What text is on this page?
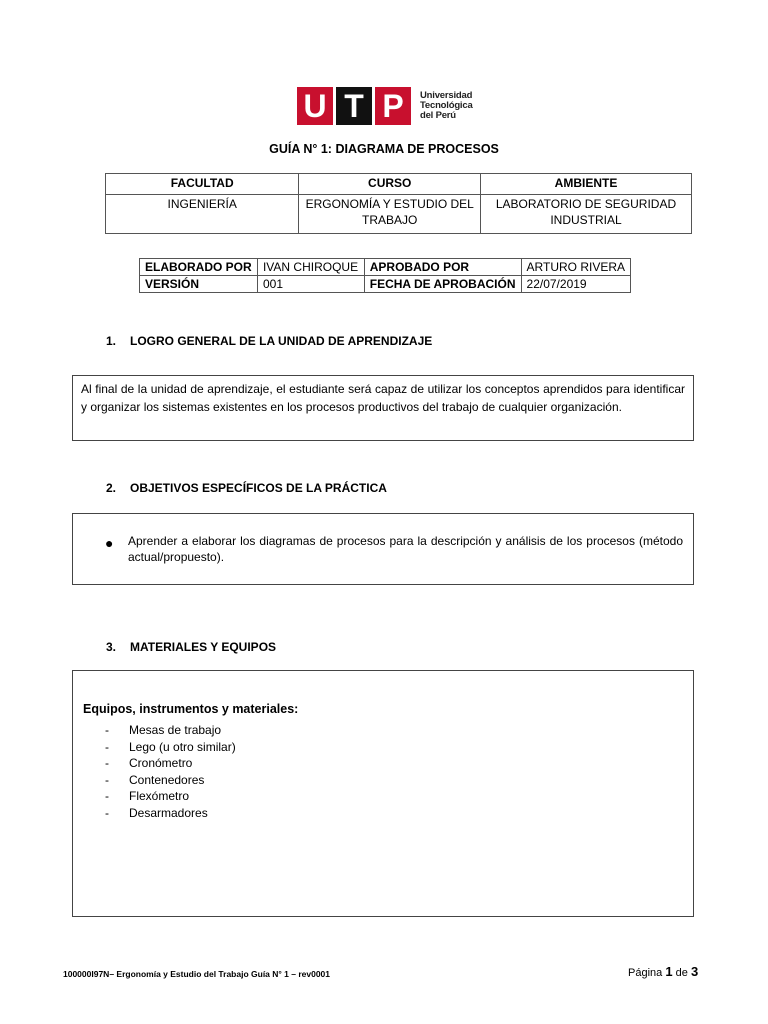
U T P	Universidad
Tecnológica
del Perú
GUÍA N° 1: DIAGRAMA DE PROCESOS
FACULTAD	CURSO	AMBIENTE
INGENIERÍA	ERGONOMÍA Y ESTUDIO DEL TRABAJO	LABORATORIO DE SEGURIDAD INDUSTRIAL
ELABORADO POR	IVAN CHIROQUE	APROBADO POR	ARTURO RIVERA
VERSIÓN	001	FECHA DE APROBACIÓN	22/07/2019
1. LOGRO GENERAL DE LA UNIDAD DE APRENDIZAJE
Al final de la unidad de aprendizaje, el estudiante será capaz de utilizar los conceptos aprendidos para identificar y organizar los sistemas existentes en los procesos productivos del trabajo de cualquier organización.
2. OBJETIVOS ESPECÍFICOS DE LA PRÁCTICA
●	Aprender a elaborar los diagramas de procesos para la descripción y análisis de los procesos (método actual/propuesto).
3. MATERIALES Y EQUIPOS
Equipos, instrumentos y materiales:
- Mesas de trabajo
- Lego (u otro similar)
- Cronómetro
- Contenedores
- Flexómetro
- Desarmadores
100000I97N– Ergonomía y Estudio del Trabajo Guía N° 1 – rev0001	Página 1 de 3
